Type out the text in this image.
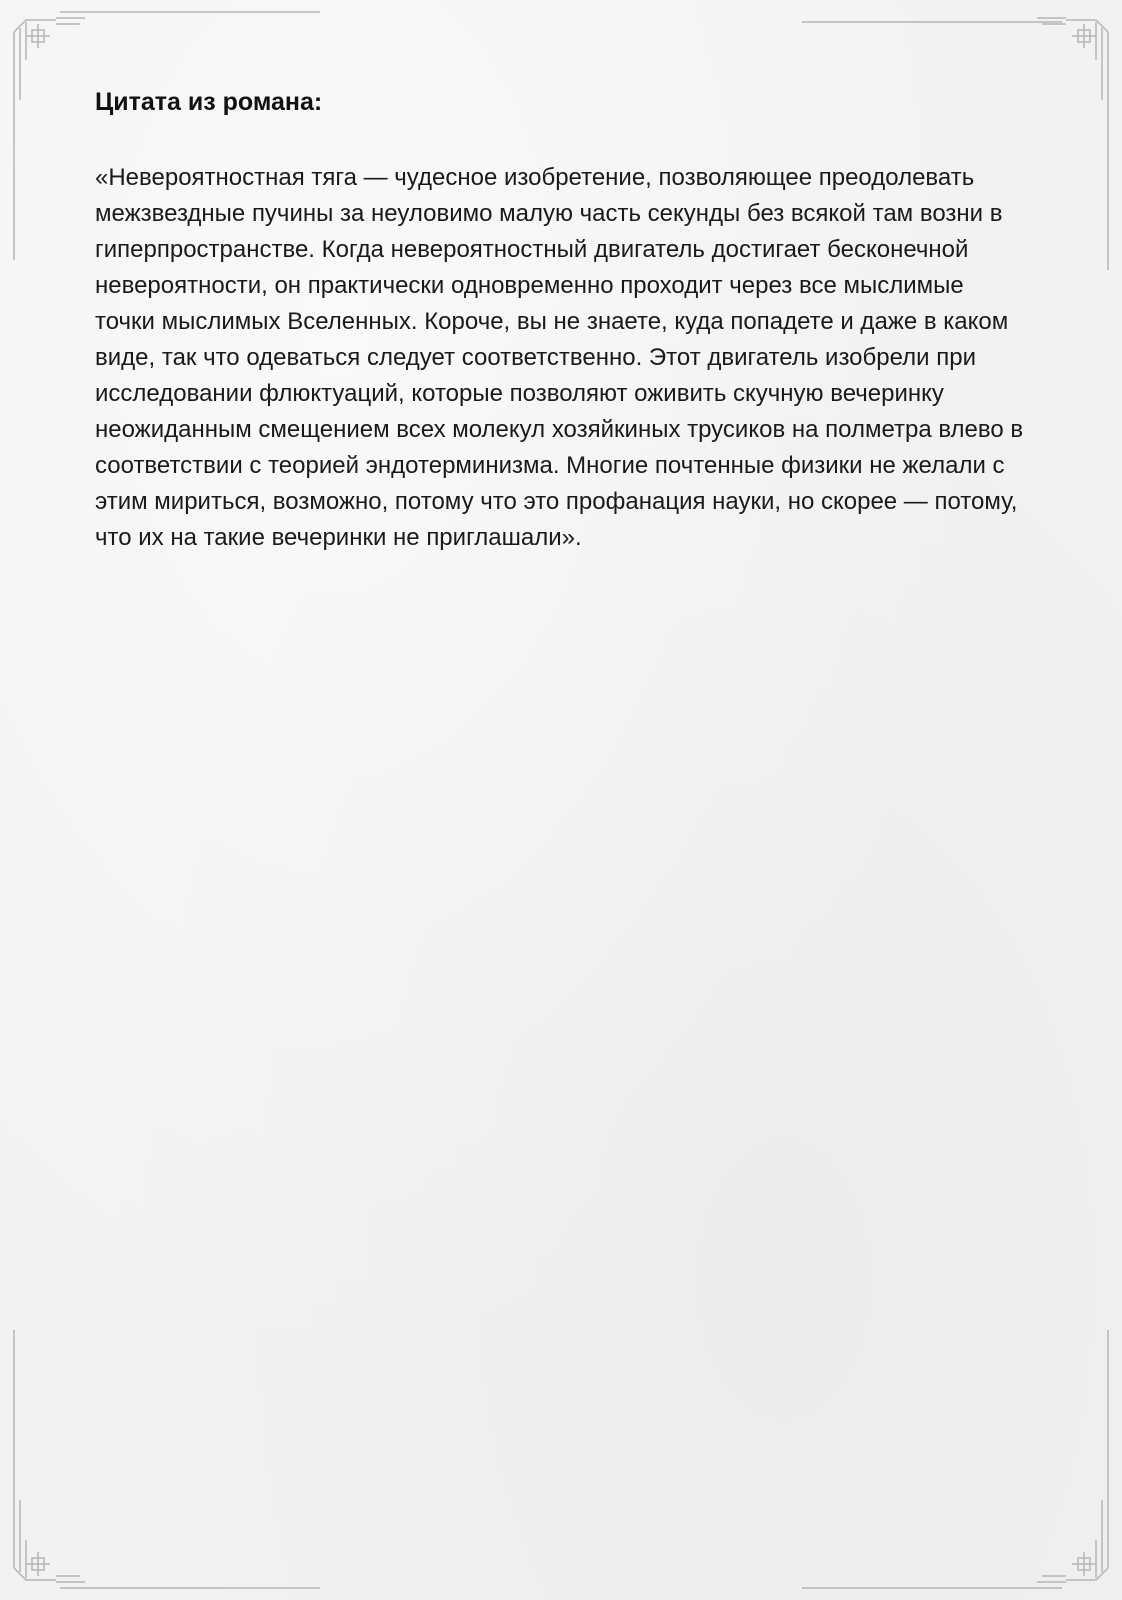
Цитата из романа:

«Невероятностная тяга — чудесное изобретение, позволяющее преодолевать межзвездные пучины за неуловимо малую часть секунды без всякой там возни в гиперпространстве. Когда невероятностный двигатель достигает бесконечной невероятности, он практически одновременно проходит через все мыслимые точки мыслимых Вселенных. Короче, вы не знаете, куда попадете и даже в каком виде, так что одеваться следует соответственно. Этот двигатель изобрели при исследовании флюктуаций, которые позволяют оживить скучную вечеринку неожиданным смещением всех молекул хозяйкиных трусиков на полметра влево в соответствии с теорией эндотерминизма. Многие почтенные физики не желали с этим мириться, возможно, потому что это профанация науки, но скорее — потому, что их на такие вечеринки не приглашали».
